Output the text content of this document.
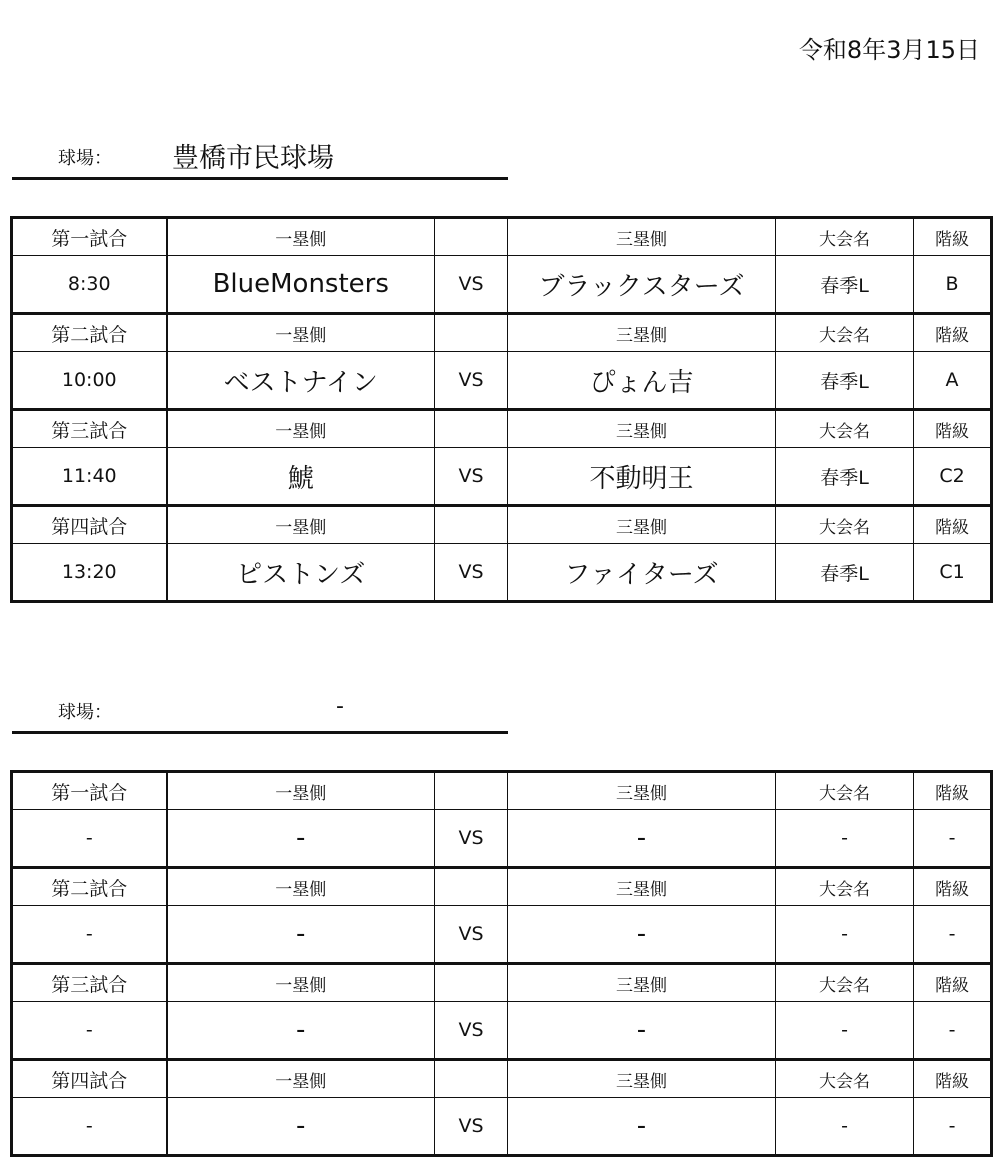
令和8年3月15日
球場： 豊橋市民球場
第一試合	一塁側		三塁側	大会名	階級
8:30	BlueMonsters	VS	ブラックスターズ	春季L	B
第二試合	一塁側		三塁側	大会名	階級
10:00	ベストナイン	VS	ぴょん吉	春季L	A
第三試合	一塁側		三塁側	大会名	階級
11:40	鯱	VS	不動明王	春季L	C2
第四試合	一塁側		三塁側	大会名	階級
13:20	ピストンズ	VS	ファイターズ	春季L	C1
球場：	-
第一試合	一塁側		三塁側	大会名	階級
-	-	VS	-	-	-
第二試合	一塁側		三塁側	大会名	階級
-	-	VS	-	-	-
第三試合	一塁側		三塁側	大会名	階級
-	-	VS	-	-	-
第四試合	一塁側		三塁側	大会名	階級
-	-	VS	-	-	-
